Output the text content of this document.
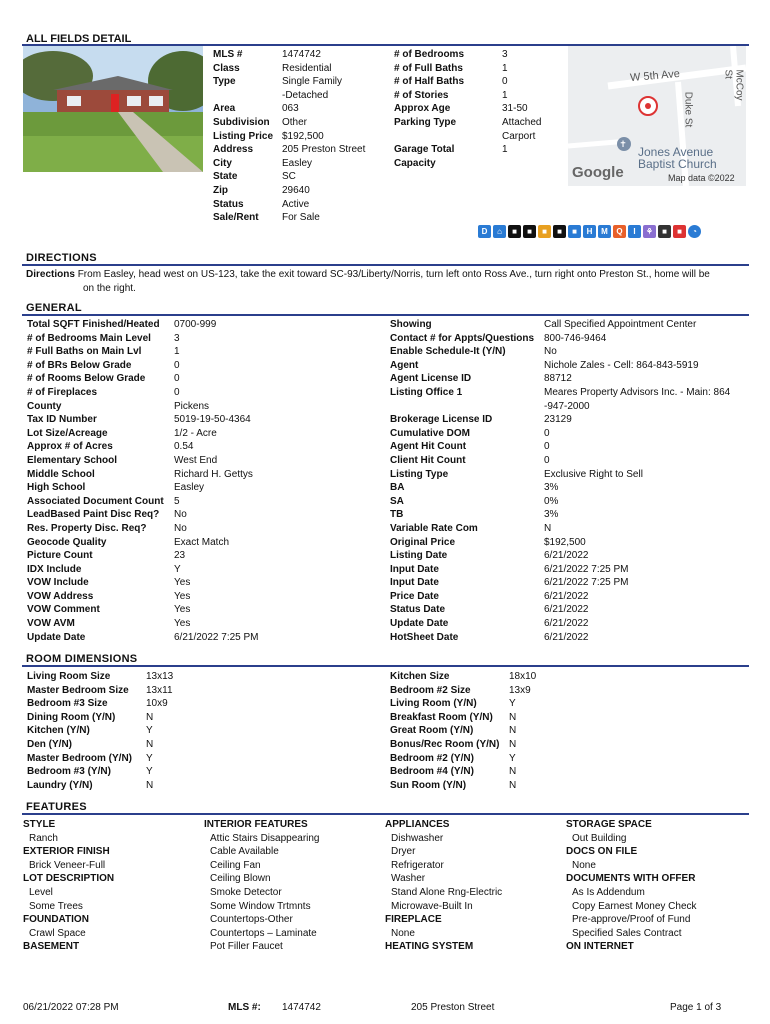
ALL FIELDS DETAIL
MLS #	1474742
Class	Residential
Type	Single Family
-Detached
Area	063
Subdivision Other
Listing Price $192,500
Address	205 Preston Street
City	Easley
State	SC
Zip	29640
Status	Active
Sale/Rent For Sale
# of Bedrooms	3
# of Full Baths	1
# of Half Baths	0
# of Stories	1
Approx Age	31-50
Parking Type	Attached
Carport
Garage Total	1
Capacity
✝
W 5th Ave
Duke St
McCoy St
Jones Avenue
Baptist Church
Google	Map data ©2022
D	⌂	■	■	■	■	■	H	M	Q	I	⚘	■	■	◔
DIRECTIONS
Directions From Easley, head west on US-123, take the exit toward SC-93/Liberty/Norris, turn left onto Ross Ave., turn right onto Preston St., home will be
on the right.
GENERAL
Total SQFT Finished/Heated 0700-999
# of Bedrooms Main Level 3
# Full Baths on Main Lvl	1
# of BRs Below Grade	0
# of Rooms Below Grade	0
# of Fireplaces	0
County	Pickens
Tax ID Number	5019-19-50-4364
Lot Size/Acreage	1/2 - Acre
Approx # of Acres	0.54
Elementary School	West End
Middle School	Richard H. Gettys
High School	Easley
Associated Document Count 5
LeadBased Paint Disc Req? No
Res. Property Disc. Req?	No
Geocode Quality	Exact Match
Picture Count	23
IDX Include	Y
VOW Include	Yes
VOW Address	Yes
VOW Comment	Yes
VOW AVM	Yes
Update Date	6/21/2022 7:25 PM
Showing	Call Specified Appointment Center
Contact # for Appts/Questions 800-746-9464
Enable Schedule-It (Y/N)	No
Agent	Nichole Zales - Cell: 864-843-5919
Agent License ID	88712
Listing Office 1	Meares Property Advisors Inc. - Main: 864
-947-2000
Brokerage License ID	23129
Cumulative DOM	0
Agent Hit Count	0
Client Hit Count	0
Listing Type	Exclusive Right to Sell
BA	3%
SA	0%
TB	3%
Variable Rate Com	N
Original Price	$192,500
Listing Date	6/21/2022
Input Date	6/21/2022 7:25 PM
Input Date	6/21/2022 7:25 PM
Price Date	6/21/2022
Status Date	6/21/2022
Update Date	6/21/2022
HotSheet Date	6/21/2022
ROOM DIMENSIONS
Living Room Size	13x13
Master Bedroom Size 13x11
Bedroom #3 Size	10x9
Dining Room (Y/N)	N
Kitchen (Y/N)	Y
Den (Y/N)	N
Master Bedroom (Y/N) Y
Bedroom #3 (Y/N)	Y
Laundry (Y/N)	N
Kitchen Size	18x10
Bedroom #2 Size	13x9
Living Room (Y/N)	Y
Breakfast Room (Y/N) N
Great Room (Y/N)	N
Bonus/Rec Room (Y/N) N
Bedroom #2 (Y/N)	Y
Bedroom #4 (Y/N)	N
Sun Room (Y/N)	N
FEATURES
STYLE
Ranch
EXTERIOR FINISH
Brick Veneer-Full
LOT DESCRIPTION
Level
Some Trees
FOUNDATION
Crawl Space
BASEMENT
INTERIOR FEATURES
Attic Stairs Disappearing
Cable Available
Ceiling Fan
Ceiling Blown
Smoke Detector
Some Window Trtmnts
Countertops-Other
Countertops – Laminate
Pot Filler Faucet
APPLIANCES
Dishwasher
Dryer
Refrigerator
Washer
Stand Alone Rng-Electric
Microwave-Built In
FIREPLACE
None
HEATING SYSTEM
STORAGE SPACE
Out Building
DOCS ON FILE
None
DOCUMENTS WITH OFFER
As Is Addendum
Copy Earnest Money Check
Pre-approve/Proof of Fund
Specified Sales Contract
ON INTERNET
06/21/2022 07:28 PM	MLS #: 1474742	205 Preston Street	Page 1 of 3
